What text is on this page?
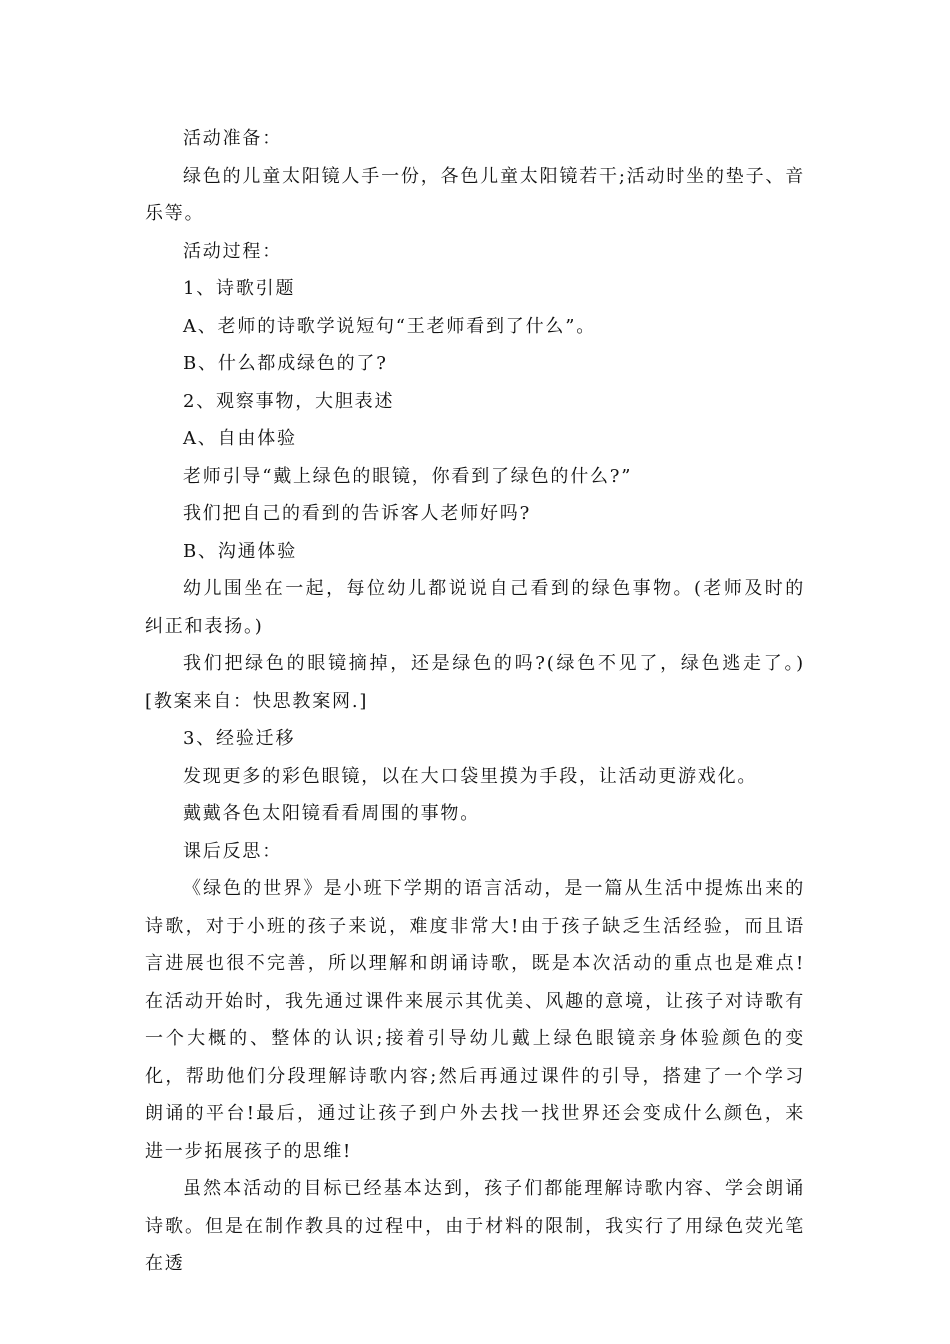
活动准备：

绿色的儿童太阳镜人手一份，各色儿童太阳镜若干;活动时坐的垫子、音乐等。

活动过程：

1、诗歌引题

A、老师的诗歌学说短句“王老师看到了什么”。

B、什么都成绿色的了?

2、观察事物，大胆表述

A、自由体验

老师引导“戴上绿色的眼镜，你看到了绿色的什么?”

我们把自己的看到的告诉客人老师好吗?

B、沟通体验

幼儿围坐在一起，每位幼儿都说说自己看到的绿色事物。(老师及时的纠正和表扬。)

我们把绿色的眼镜摘掉，还是绿色的吗?(绿色不见了，绿色逃走了。)[教案来自：快思教案网.]

3、经验迁移

发现更多的彩色眼镜，以在大口袋里摸为手段，让活动更游戏化。

戴戴各色太阳镜看看周围的事物。

课后反思：

《绿色的世界》是小班下学期的语言活动，是一篇从生活中提炼出来的诗歌，对于小班的孩子来说，难度非常大!由于孩子缺乏生活经验，而且语言进展也很不完善，所以理解和朗诵诗歌，既是本次活动的重点也是难点!在活动开始时，我先通过课件来展示其优美、风趣的意境，让孩子对诗歌有一个大概的、整体的认识;接着引导幼儿戴上绿色眼镜亲身体验颜色的变化，帮助他们分段理解诗歌内容;然后再通过课件的引导，搭建了一个学习朗诵的平台!最后，通过让孩子到户外去找一找世界还会变成什么颜色，来进一步拓展孩子的思维!

虽然本活动的目标已经基本达到，孩子们都能理解诗歌内容、学会朗诵诗歌。但是在制作教具的过程中，由于材料的限制，我实行了用绿色荧光笔在透
